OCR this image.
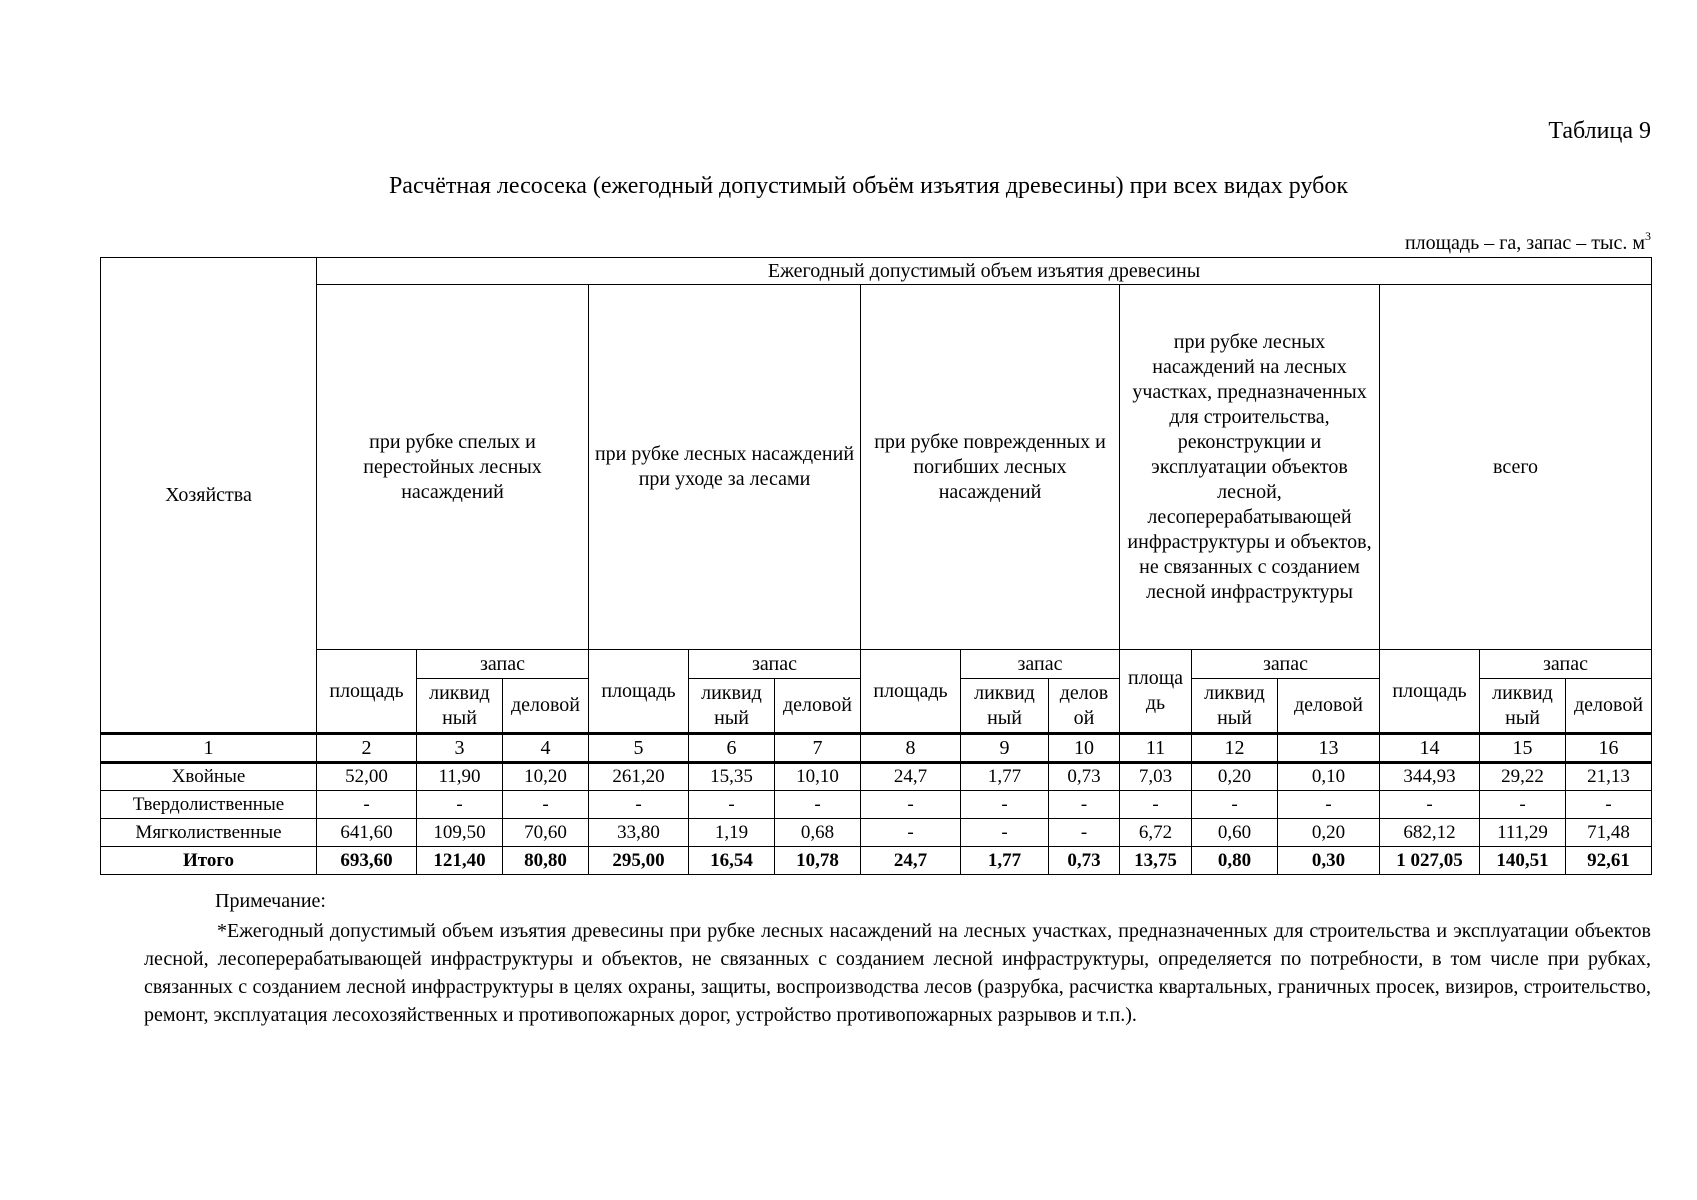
Таблица 9
Расчётная лесосека (ежегодный допустимый объём изъятия древесины) при всех видах рубок
площадь – га, запас – тыс. $м^3$
Хозяйства	Ежегодный допустимый объем изъятия древесины														
	при рубке спелых и перестойных лесных насаждений			при рубке лесных насаждений при уходе за лесами			при рубке поврежденных и погибших лесных насаждений			при рубке лесных насаждений на лесных участках, предназначенных для строительства, реконструкции и эксплуатации объектов лесной, лесоперерабатывающей инфраструктуры и объектов, не связанных с созданием лесной инфраструктуры			всего		
	площадь	запас		площадь	запас		площадь	запас		площа дь	запас		площадь	запас	
		ликвид ный	деловой		ликвид ный	деловой		ликвид ный	делов ой		ликвид ный	деловой		ликвид ный	деловой
1	2	3	4	5	6	7	8	9	10	11	12	13	14	15	16
Хвойные	52,00	11,90	10,20	261,20	15,35	10,10	24,7	1,77	0,73	7,03	0,20	0,10	344,93	29,22	21,13
Твердолиственные	-	-	-	-	-	-	-	-	-	-	-	-	-	-	-
Мягколиственные	641,60	109,50	70,60	33,80	1,19	0,68	-	-	-	6,72	0,60	0,20	682,12	111,29	71,48
Итого	693,60	121,40	80,80	295,00	16,54	10,78	24,7	1,77	0,73	13,75	0,80	0,30	1 027,05	140,51	92,61
Примечание:
*Ежегодный допустимый объем изъятия древесины при рубке лесных насаждений на лесных участках, предназначенных для строительства и эксплуатации объектов лесной, лесоперерабатывающей инфраструктуры и объектов, не связанных с созданием лесной инфраструктуры, определяется по потребности, в том числе при рубках, связанных с созданием лесной инфраструктуры в целях охраны, защиты, воспроизводства лесов (разрубка, расчистка квартальных, граничных просек, визиров, строительство, ремонт, эксплуатация лесохозяйственных и противопожарных дорог, устройство противопожарных разрывов и т.п.).
